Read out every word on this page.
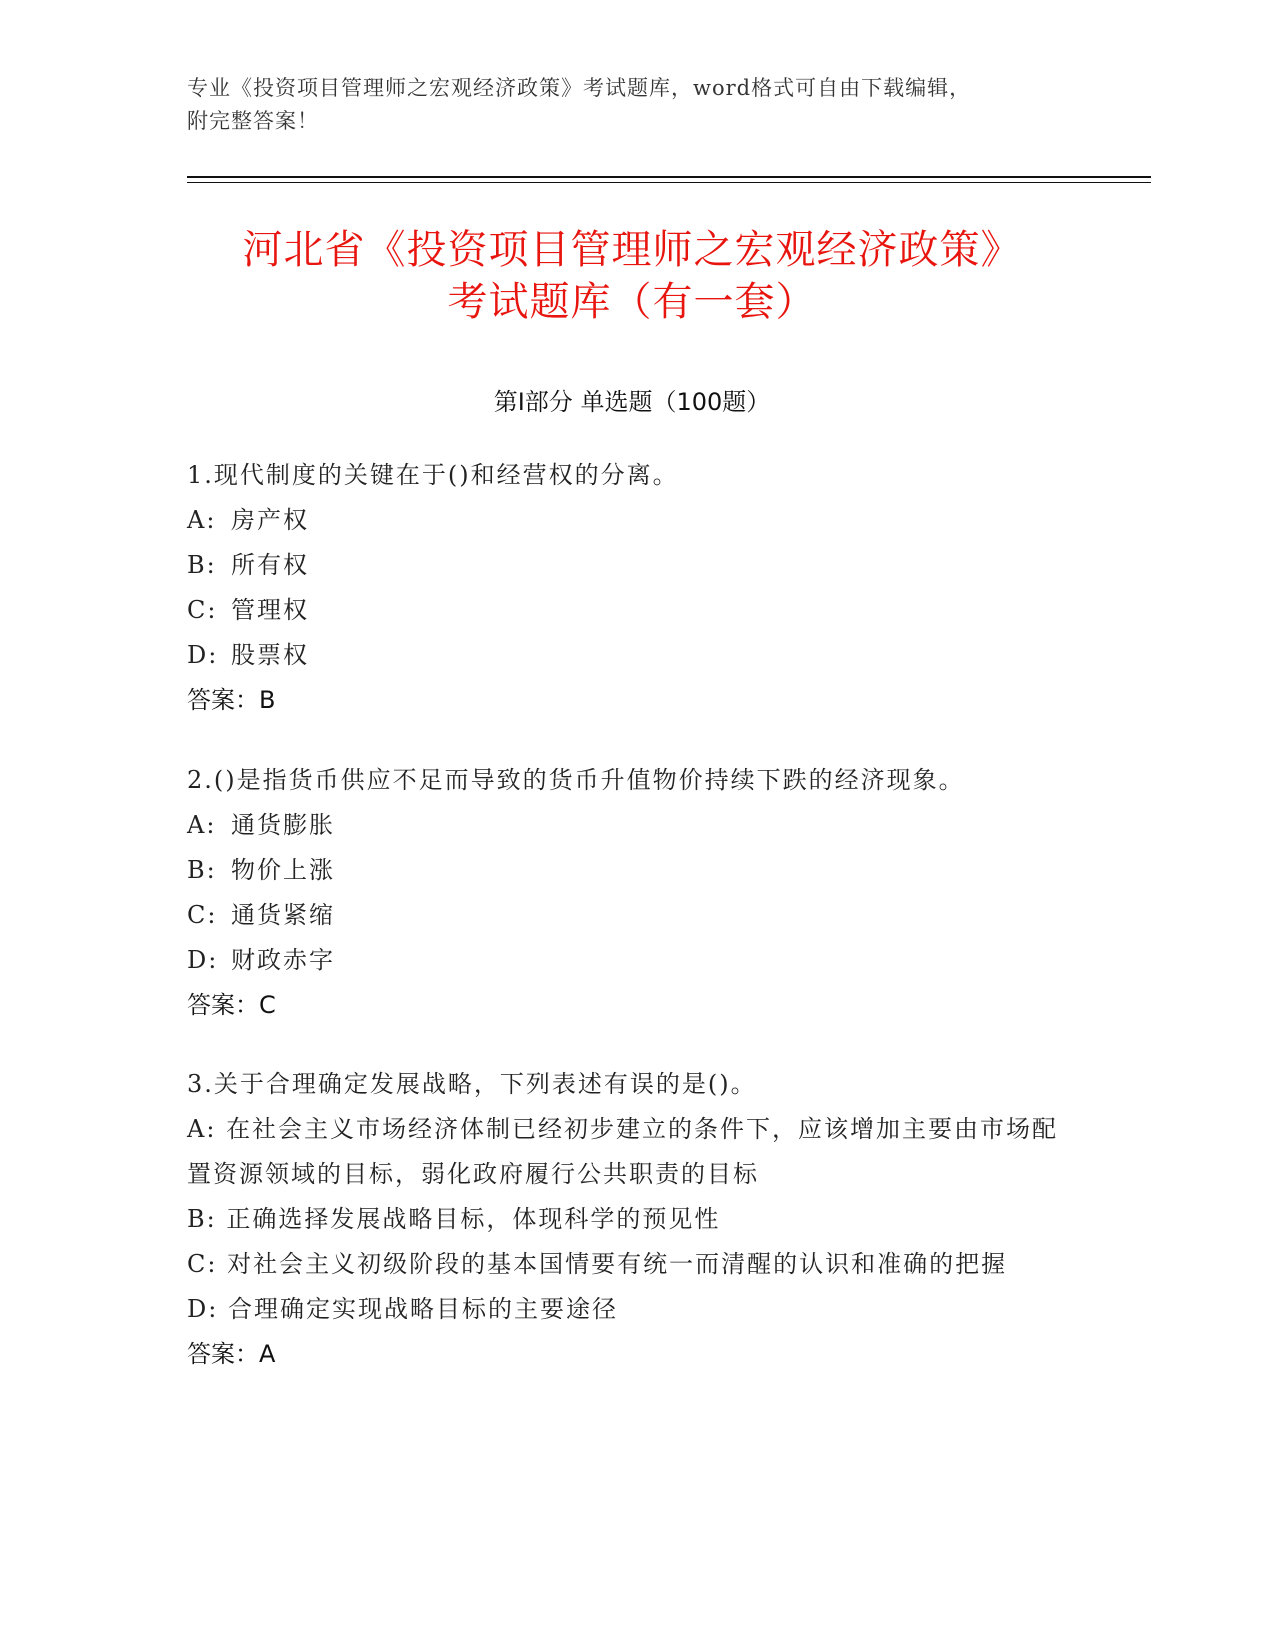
专业《投资项目管理师之宏观经济政策》考试题库，word格式可自由下载编辑，
附完整答案！
河北省《投资项目管理师之宏观经济政策》
考试题库（有一套）
第I部分 单选题（100题）
1.现代制度的关键在于()和经营权的分离。
A: 房产权
B: 所有权
C: 管理权
D: 股票权
答案：B
2.()是指货币供应不足而导致的货币升值物价持续下跌的经济现象。
A: 通货膨胀
B: 物价上涨
C: 通货紧缩
D: 财政赤字
答案：C
3.关于合理确定发展战略，下列表述有误的是()。
A: 在社会主义市场经济体制已经初步建立的条件下，应该增加主要由市场配置资源领域的目标，弱化政府履行公共职责的目标
B: 正确选择发展战略目标，体现科学的预见性
C: 对社会主义初级阶段的基本国情要有统一而清醒的认识和准确的把握
D: 合理确定实现战略目标的主要途径
答案：A
